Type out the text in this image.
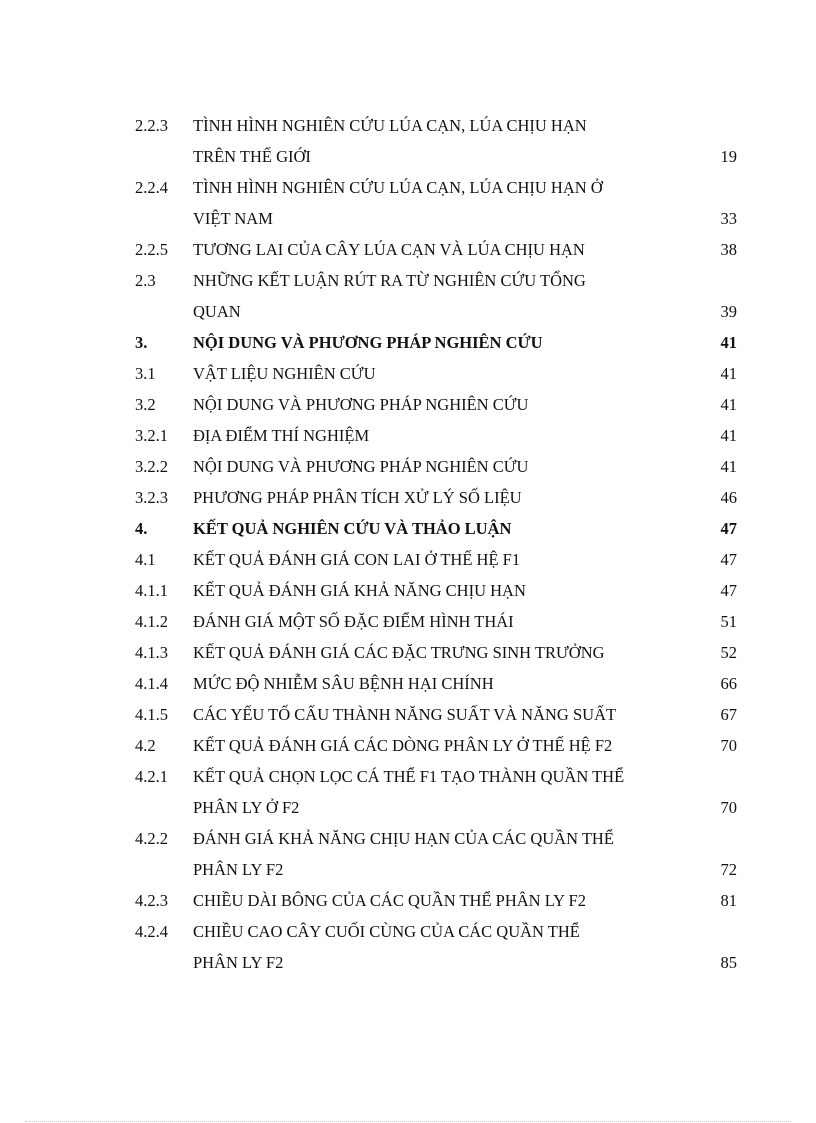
2.2.3 TÌNH HÌNH NGHIÊN CỨU LÚA CẠN, LÚA CHỊU HẠN
TRÊN THẾ GIỚI	19
2.2.4 TÌNH HÌNH NGHIÊN CỨU LÚA CẠN, LÚA CHỊU HẠN Ở
VIỆT NAM	33
2.2.5 TƯƠNG LAI CỦA CÂY LÚA CẠN VÀ LÚA CHỊU HẠN	38
2.3 NHỮNG KẾT LUẬN RÚT RA TỪ NGHIÊN CỨU TỔNG
QUAN	39
3.	NỘI DUNG VÀ PHƯƠNG PHÁP NGHIÊN CỨU	41
3.1 VẬT LIỆU NGHIÊN CỨU	41
3.2 NỘI DUNG VÀ PHƯƠNG PHÁP NGHIÊN CỨU	41
3.2.1 ĐỊA ĐIỂM THÍ NGHIỆM	41
3.2.2 NỘI DUNG VÀ PHƯƠNG PHÁP NGHIÊN CỨU	41
3.2.3 PHƯƠNG PHÁP PHÂN TÍCH XỬ LÝ SỐ LIỆU	46
4.	KẾT QUẢ NGHIÊN CỨU VÀ THẢO LUẬN	47
4.1 KẾT QUẢ ĐÁNH GIÁ CON LAI Ở THẾ HỆ F1	47
4.1.1 KẾT QUẢ ĐÁNH GIÁ KHẢ NĂNG CHỊU HẠN	47
4.1.2 ĐÁNH GIÁ MỘT SỐ ĐẶC ĐIỂM HÌNH THÁI	51
4.1.3 KẾT QUẢ ĐÁNH GIÁ CÁC ĐẶC TRƯNG SINH TRƯỞNG	52
4.1.4 MỨC ĐỘ NHIỄM SÂU BỆNH HẠI CHÍNH	66
4.1.5 CÁC YẾU TỐ CẤU THÀNH NĂNG SUẤT VÀ NĂNG SUẤT	67
4.2 KẾT QUẢ ĐÁNH GIÁ CÁC DÒNG PHÂN LY Ở THẾ HỆ F2	70
4.2.1 KẾT QUẢ CHỌN LỌC CÁ THỂ F1 TẠO THÀNH QUẦN THỂ
PHÂN LY Ở F2	70
4.2.2 ĐÁNH GIÁ KHẢ NĂNG CHỊU HẠN CỦA CÁC QUẦN THỂ
PHÂN LY F2	72
4.2.3 CHIỀU DÀI BÔNG CỦA CÁC QUẦN THỂ PHÂN LY F2	81
4.2.4 CHIỀU CAO CÂY CUỐI CÙNG CỦA CÁC QUẦN THỂ
PHÂN LY F2	85
